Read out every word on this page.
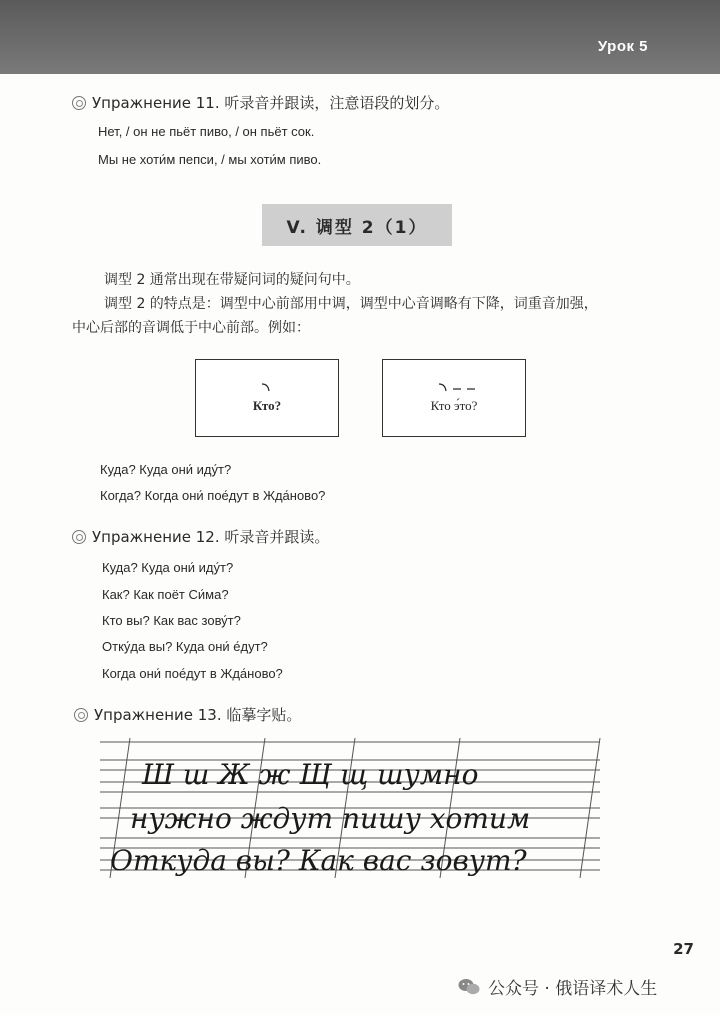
Урок 5
Упражнение 11. 听录音并跟读，注意语段的划分。
Нет, / он не пьёт пиво, / он пьёт сок.
Мы не хоти́м пепси, / мы хоти́м пиво.
V. 调型 2（1）
调型 2 通常出现在带疑问词的疑问句中。
调型 2 的特点是：调型中心前部用中调，调型中心音调略有下降，词重音加强，
中心后部的音调低于中心前部。例如：
Кто?	Кто э́то?
Куда? Куда они́ иду́т?
Когда? Когда они́ пое́дут в Жда́ново?
Упражнение 12. 听录音并跟读。
Куда? Куда они́ иду́т?
Как? Как поёт Си́ма?
Кто вы? Как вас зову́т?
Отку́да вы? Куда они́ е́дут?
Когда они́ пое́дут в Жда́ново?
Упражнение 13. 临摹字贴。
Ш ш Ж ж Щ щ шумно
нужно ждут пишу хотим
Откуда вы? Как вас зовут?
27
公众号 · 俄语译术人生
